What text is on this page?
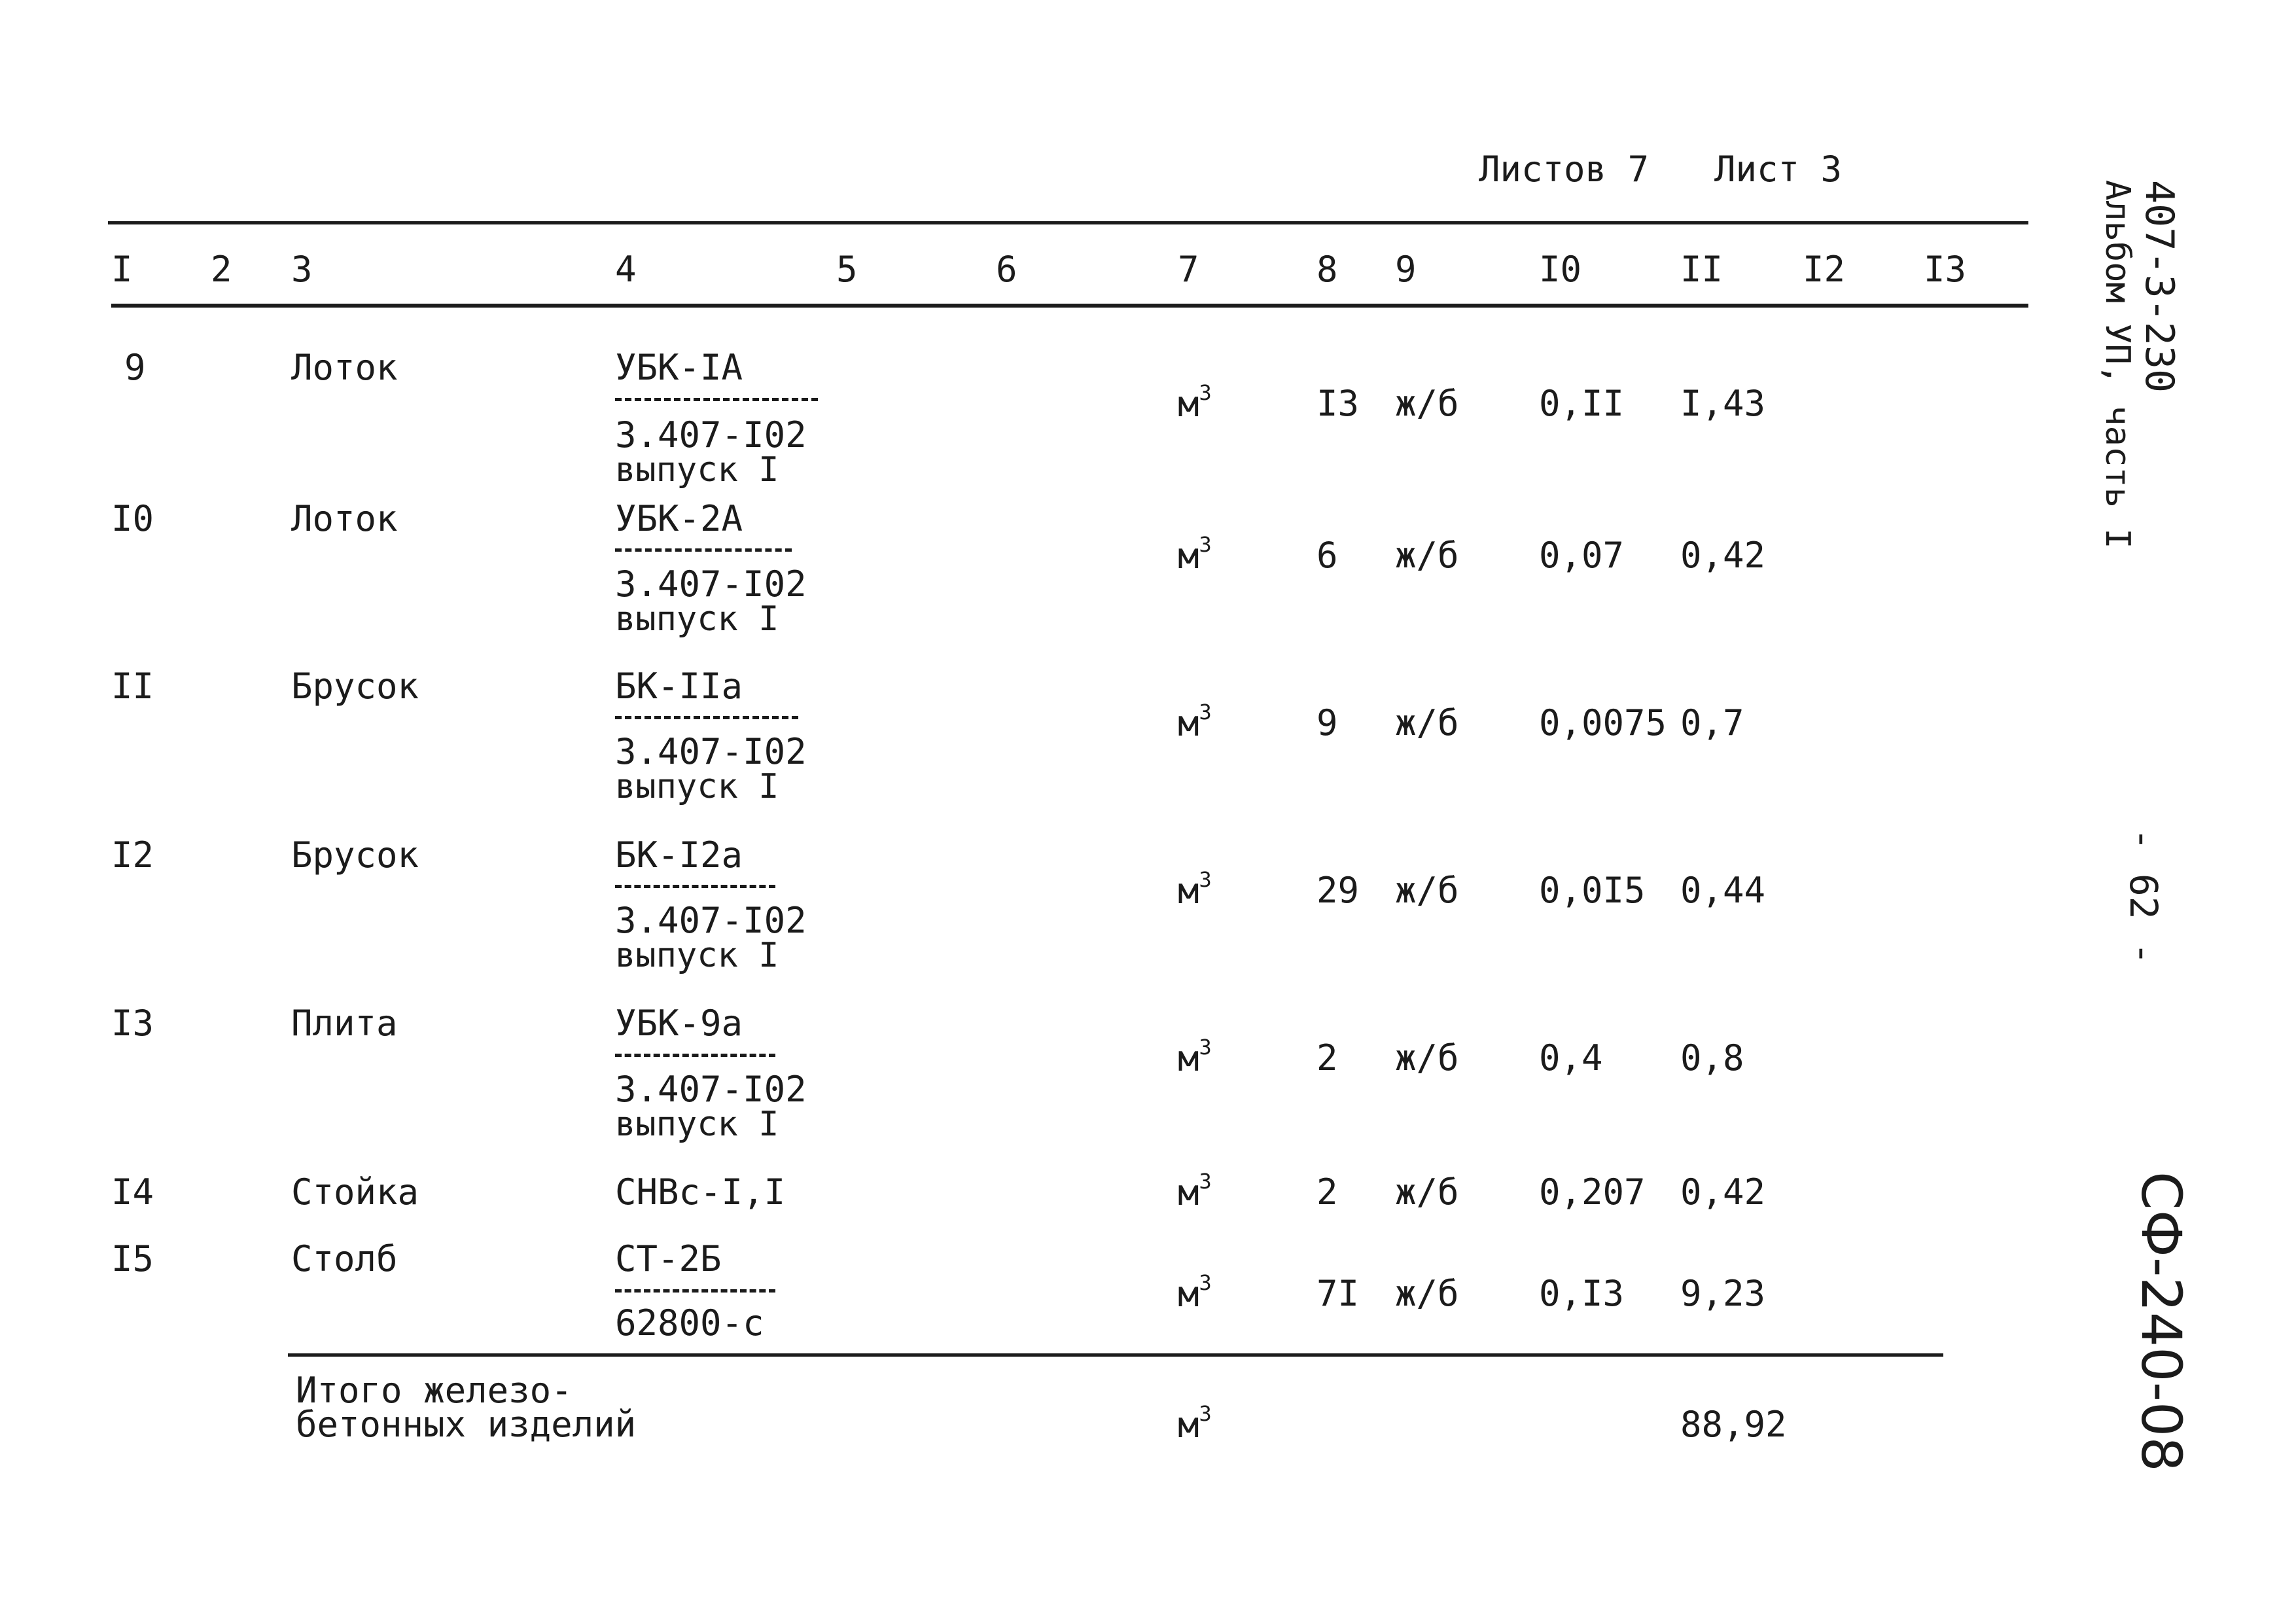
Листов 7 Лист 3
I 2 3	4	5	6	7	8 9	I0	II I2 I3
9	Лоток	УБК-IA
3.407-I02
выпуск I
$м^3$	I3 ж/б 0,II I,43
I0	Лоток	УБК-2A
3.407-I02
выпуск I
$м^3$	6 ж/б 0,07 0,42
II	Брусок	БК-IIa
3.407-I02
выпуск I
$м^3$	9 ж/б 0,0075 0,7
I2	Брусок	БК-I2a
3.407-I02
выпуск I
$м^3$	29 ж/б 0,0I5 0,44
I3	Плита	УБК-9a
3.407-I02
выпуск I
$м^3$	2 ж/б 0,4 0,8
I4	Стойка	СНВс-I,I	$м^3$	2 ж/б 0,207 0,42
I5	Столб	СТ-2Б
62800-с
$м^3$	7I ж/б 0,I3 9,23
Итого железо-
бетонных изделий	$м^3$	88,92
407-3-230
Альбом УП, часть I
- 62 -
СФ-240-08
